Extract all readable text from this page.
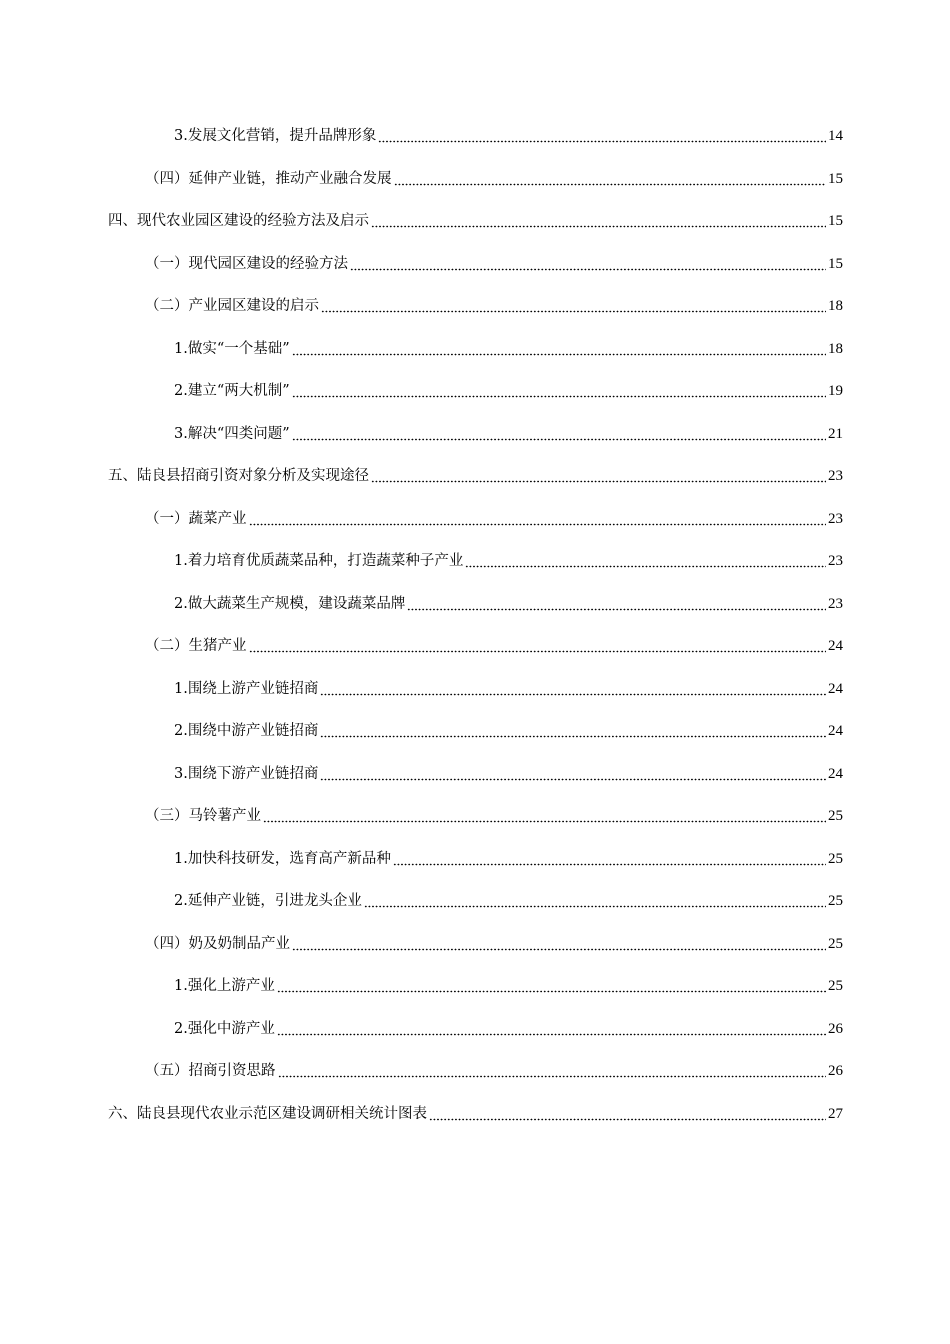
3.发展文化营销，提升品牌形象	14
（四）延伸产业链，推动产业融合发展	15
四、现代农业园区建设的经验方法及启示	15
（一）现代园区建设的经验方法	15
（二）产业园区建设的启示	18
1.做实“一个基础”	18
2.建立“两大机制”	19
3.解决“四类问题”	21
五、陆良县招商引资对象分析及实现途径	23
（一）蔬菜产业	23
1.着力培育优质蔬菜品种，打造蔬菜种子产业	23
2.做大蔬菜生产规模，建设蔬菜品牌	23
（二）生猪产业	24
1.围绕上游产业链招商	24
2.围绕中游产业链招商	24
3.围绕下游产业链招商	24
（三）马铃薯产业	25
1.加快科技研发，选育高产新品种	25
2.延伸产业链，引进龙头企业	25
（四）奶及奶制品产业	25
1.强化上游产业	25
2.强化中游产业	26
（五）招商引资思路	26
六、陆良县现代农业示范区建设调研相关统计图表	27
